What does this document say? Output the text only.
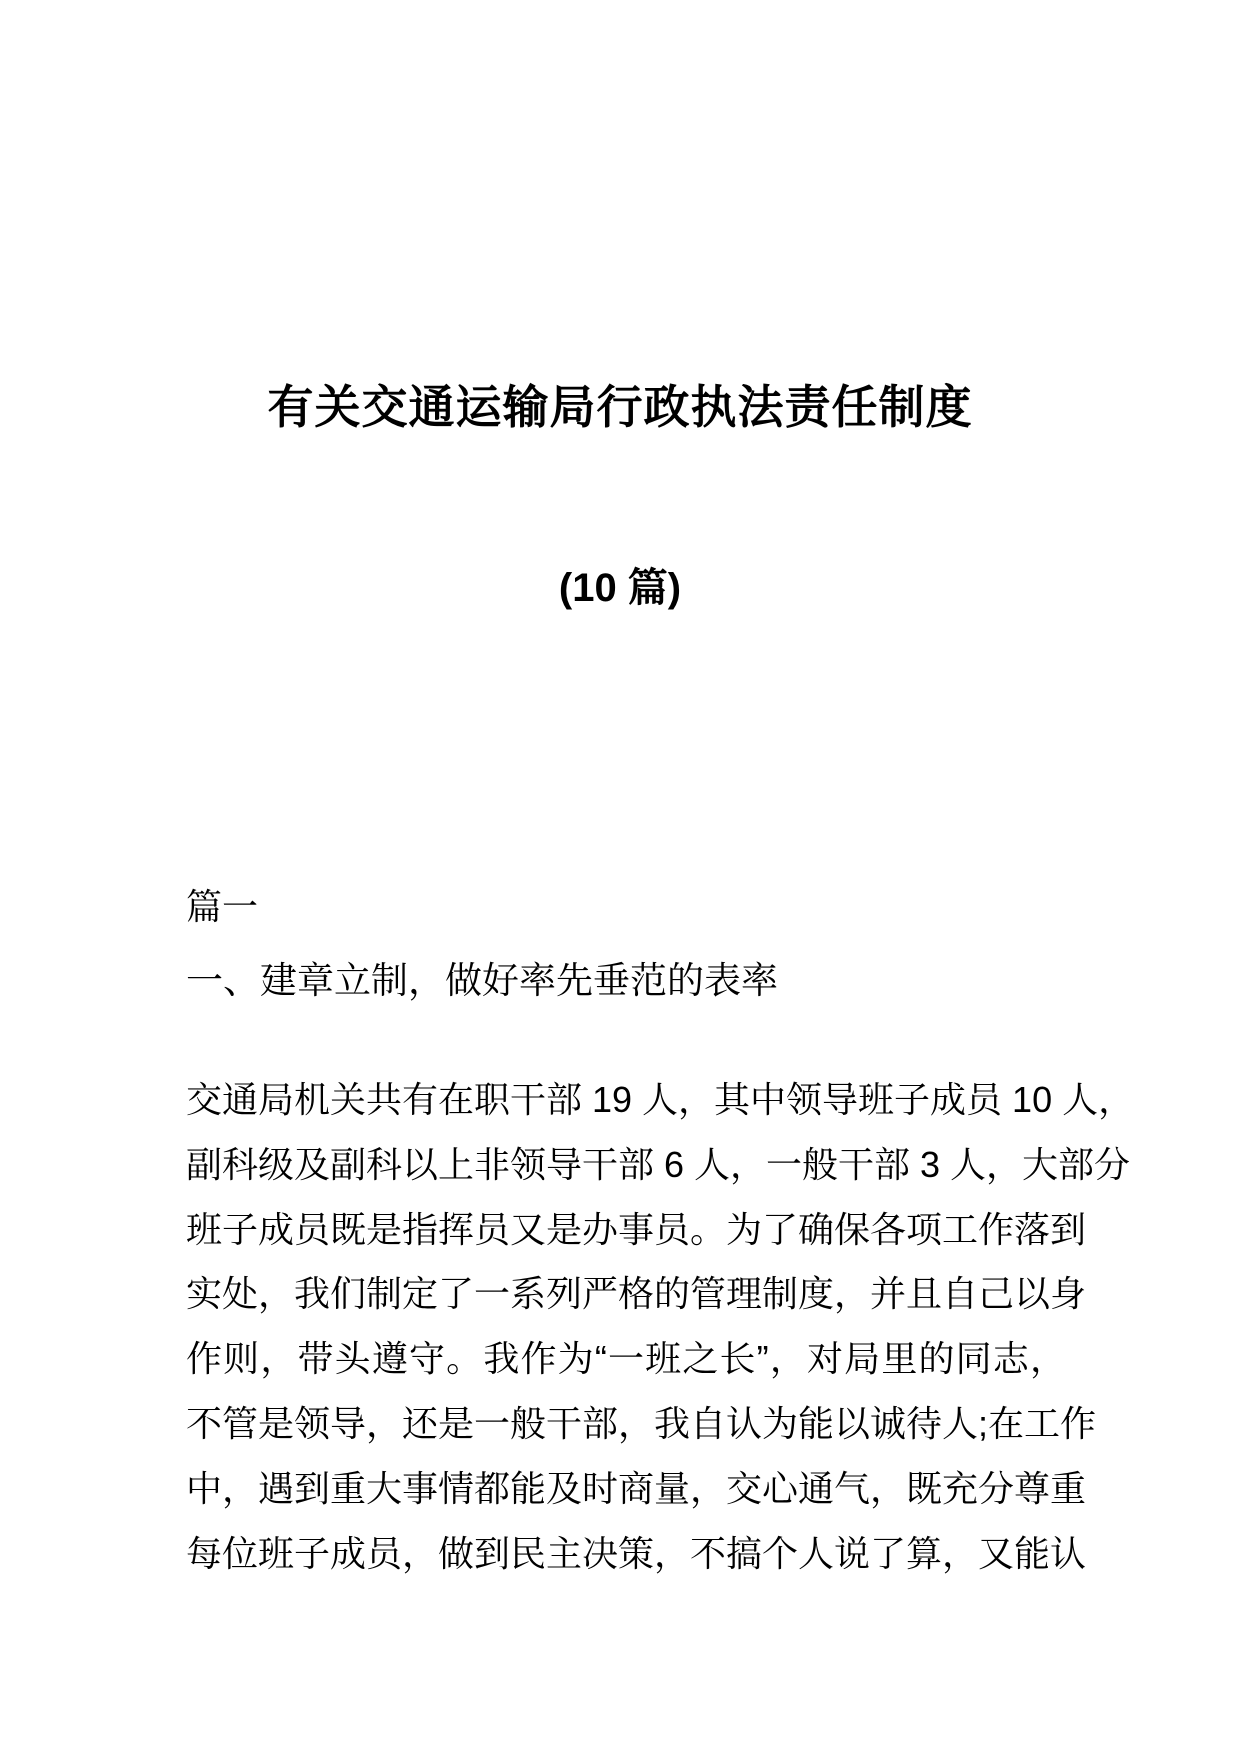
有关交通运输局行政执法责任制度
(10 篇)
篇一
一、建章立制，做好率先垂范的表率
交通局机关共有在职干部 19 人，其中领导班子成员 10 人，
副科级及副科以上非领导干部 6 人，一般干部 3 人，大部分
班子成员既是指挥员又是办事员。为了确保各项工作落到
实处，我们制定了一系列严格的管理制度，并且自己以身
作则，带头遵守。我作为“一班之长”，对局里的同志，
不管是领导，还是一般干部，我自认为能以诚待人;在工作
中，遇到重大事情都能及时商量，交心通气，既充分尊重
每位班子成员，做到民主决策，不搞个人说了算，又能认
